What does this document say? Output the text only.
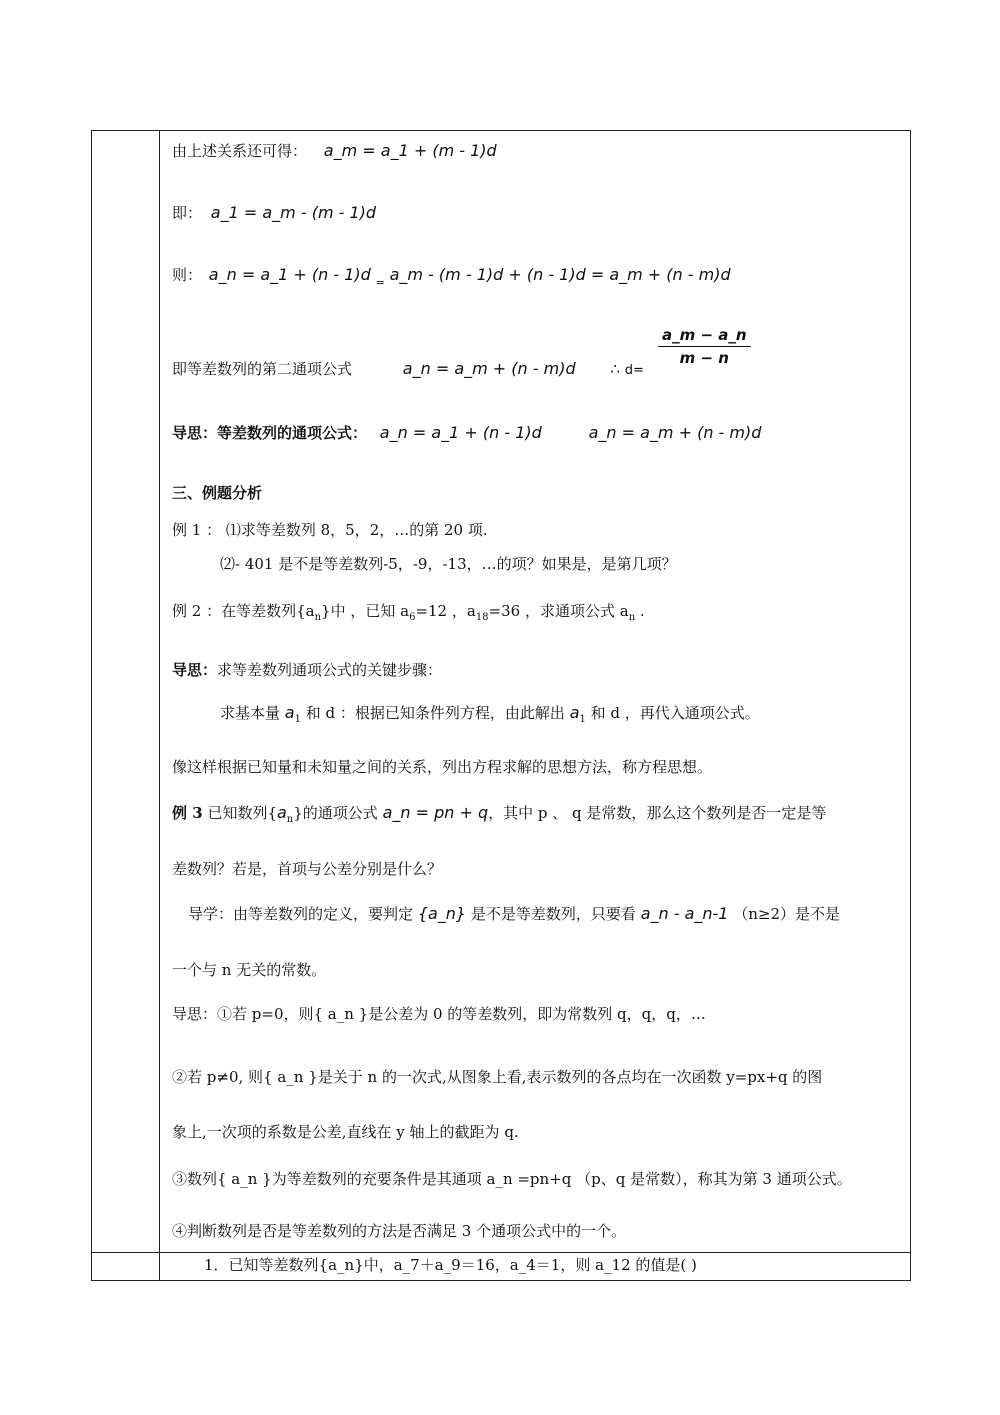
由上述关系还可得： a_m = a_1 + (m - 1)d
即： a_1 = a_m - (m - 1)d
则： a_n = a_1 + (n - 1)d $_=$ a_m - (m - 1)d + (n - 1)d = a_m + (n - m)d
即等差数列的第二通项公式	a_n = a_m + (n - m)d ∴ d=
$\frac{a\_m - a\_n}{m - n}$
导思：等差数列的通项公式： a_n = a_1 + (n - 1)d	a_n = a_m + (n - m)d
三、例题分析
例 1 ： ⑴求等差数列 8，5，2，…的第 20 项.
⑵- 401 是不是等差数列-5，-9，-13，…的项？如果是，是第几项？
例 2 ：在等差数列$\{a_n\}$中 ，已知 $a_6=12$ ，$a_{18}=36$ ，求通项公式 $a_n$ .
导思：求等差数列通项公式的关键步骤：
求基本量 $a_1$ 和 d ：根据已知条件列方程，由此解出 $a_1$ 和 d ，再代入通项公式。
像这样根据已知量和未知量之间的关系，列出方程求解的思想方法，称方程思想。
例 3 已知数列$\{a_n\}$的通项公式 a_n = pn + q，其中 p 、 q 是常数，那么这个数列是否一定是等
差数列？若是，首项与公差分别是什么？
导学：由等差数列的定义，要判定 {a_n} 是不是等差数列，只要看 a_n - a_n-1 （n≥2）是不是
一个与 n 无关的常数。
导思：①若 p=0，则{ a_n }是公差为 0 的等差数列，即为常数列 q，q，q，…
②若 p≠0, 则{ a_n }是关于 n 的一次式,从图象上看,表示数列的各点均在一次函数 y=px+q 的图
象上,一次项的系数是公差,直线在 y 轴上的截距为 q.
③数列{ a_n }为等差数列的充要条件是其通项 a_n =pn+q （p、q 是常数），称其为第 3 通项公式。
④判断数列是否是等差数列的方法是否满足 3 个通项公式中的一个。
1．已知等差数列{a_n}中，a_7＋a_9＝16，a_4＝1，则 a_12 的值是( )
